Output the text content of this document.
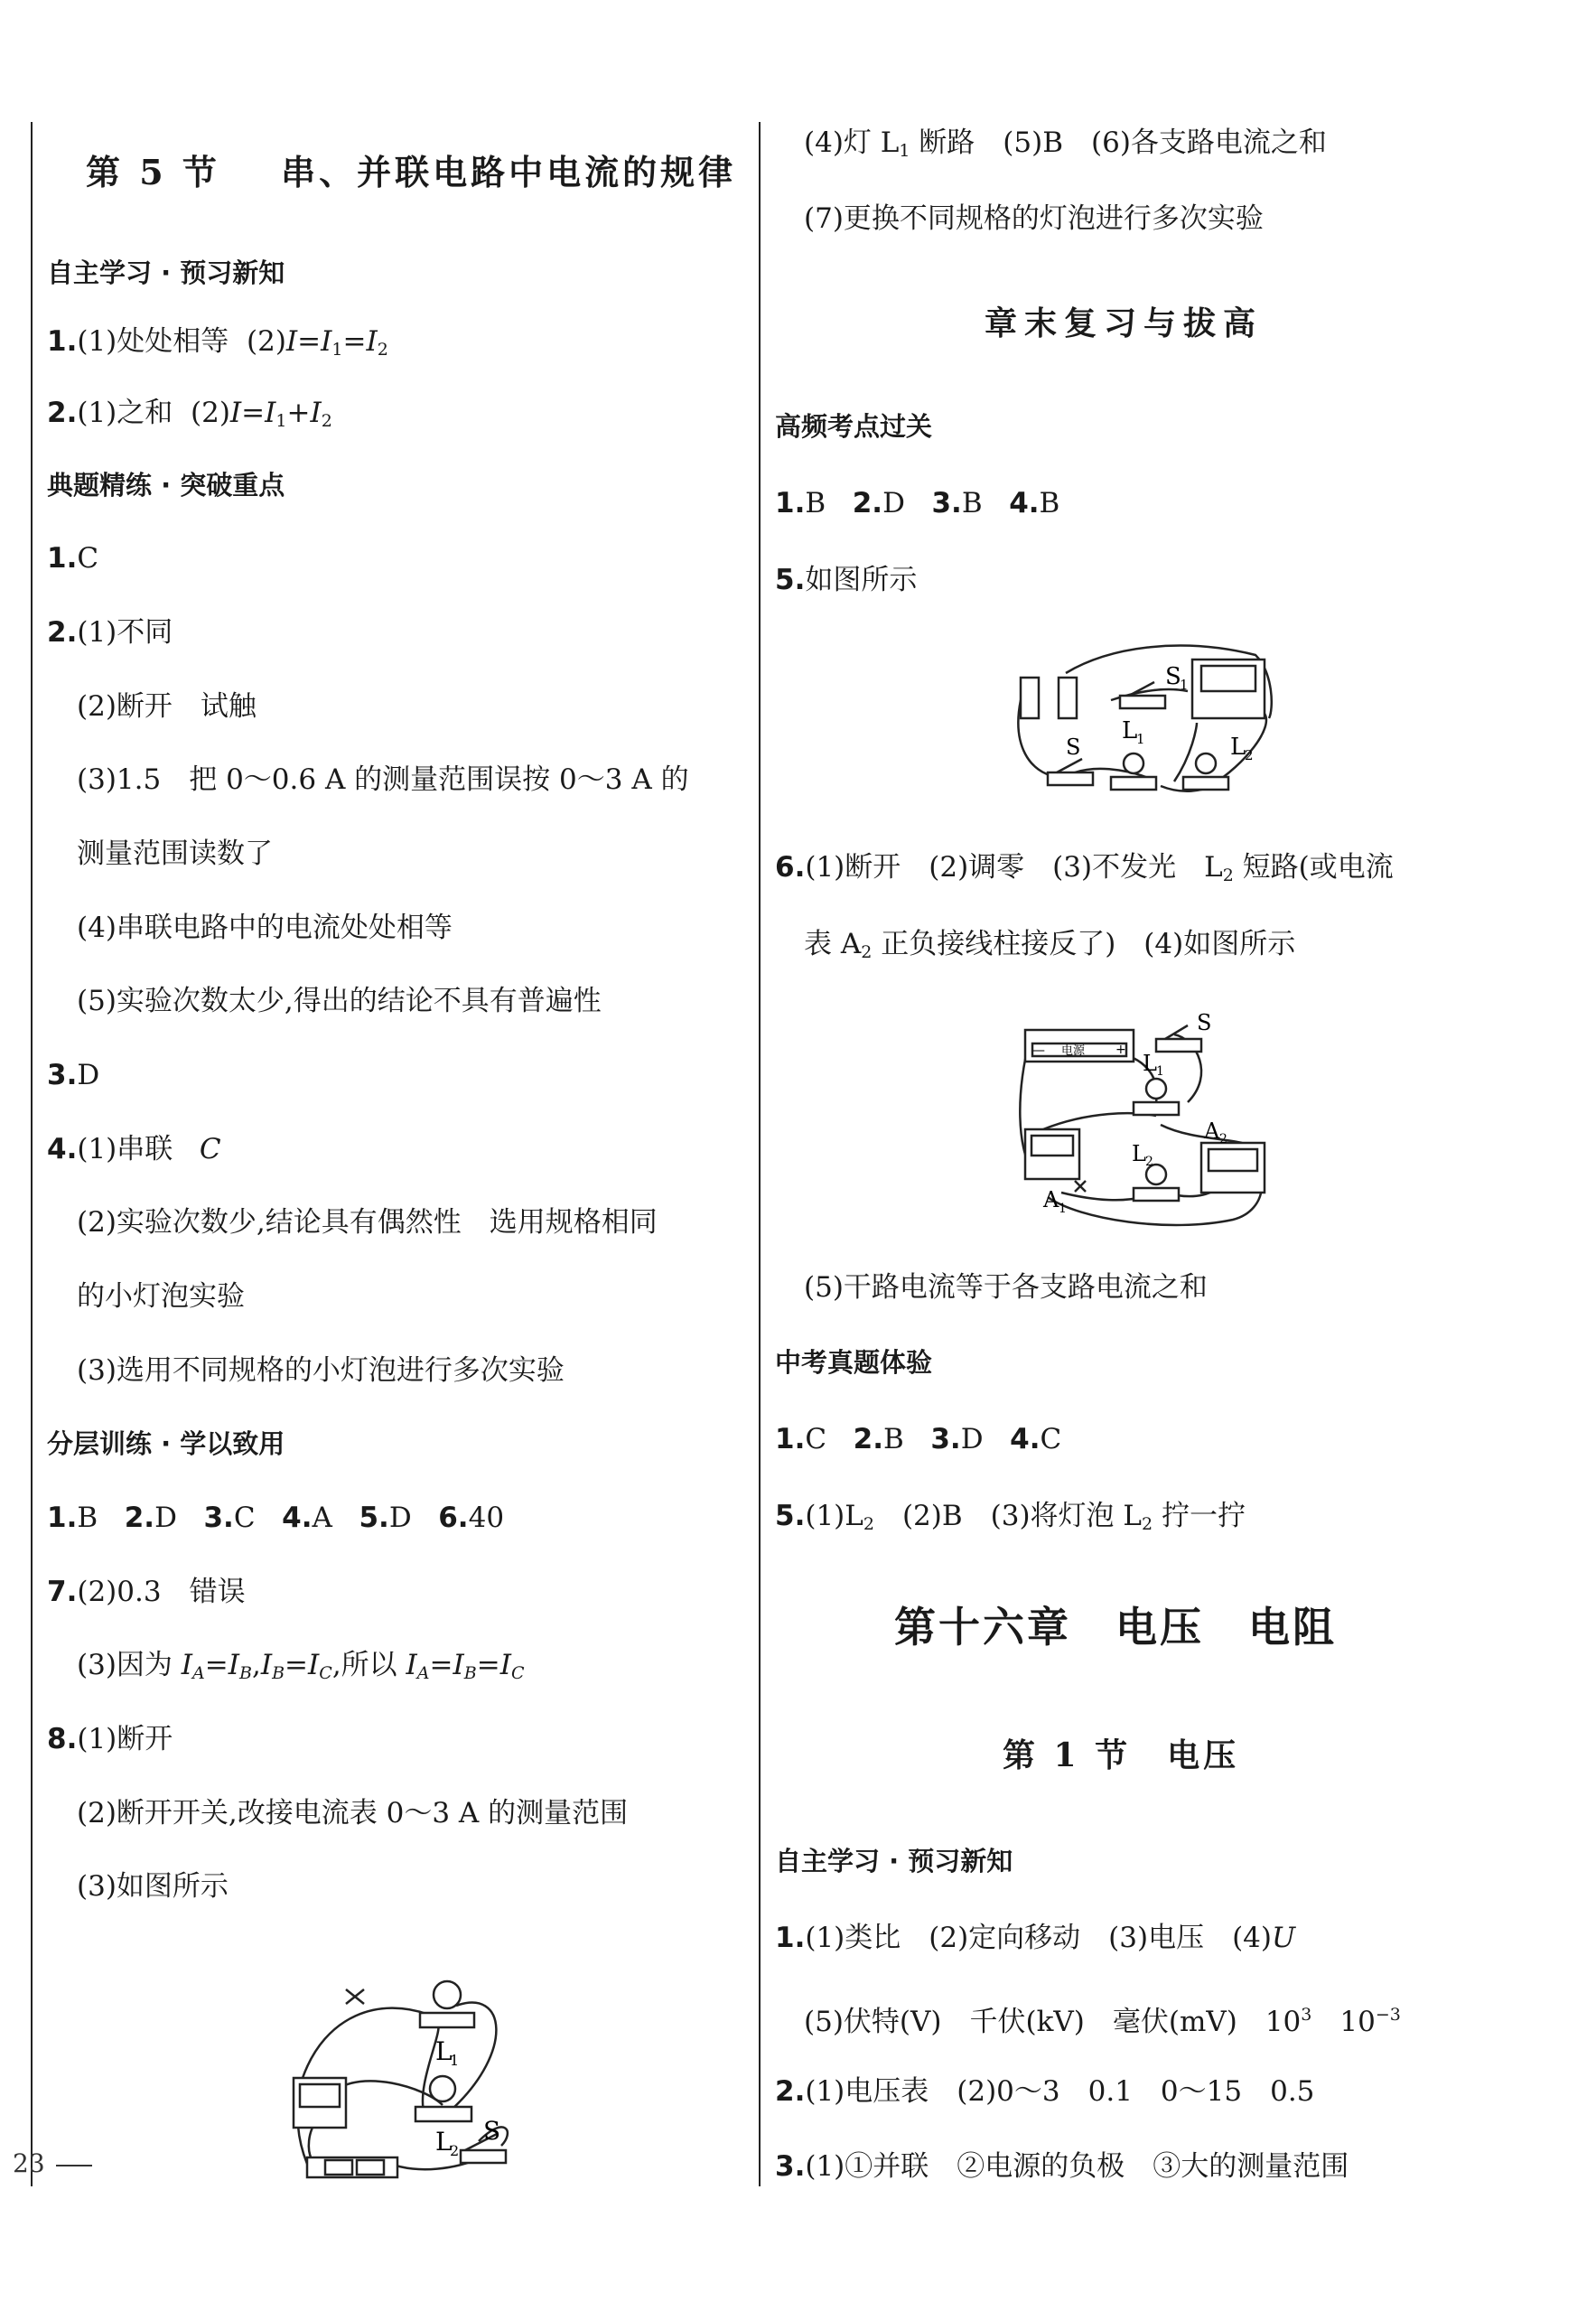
第 5 节 串、并联电路中电流的规律
自主学习 · 预习新知
1.(1)处处相等 $(2)I=I_1=I_2$
2.(1)之和 $(2)I=I_1+I_2$
典题精练 · 突破重点
1.C
2.(1)不同
(2)断开　试触
(3)1.5　把 0～0.6 A 的测量范围误按 0～3 A 的
测量范围读数了
(4)串联电路中的电流处处相等
(5)实验次数太少,得出的结论不具有普遍性
3.D
4.(1)串联 C
(2)实验次数少,结论具有偶然性　选用规格相同
的小灯泡实验
(3)选用不同规格的小灯泡进行多次实验
分层训练 · 学以致用
1.B 2.D 3.C 4.A 5.D 6.40
7.(2)0.3　错误
(3)因为 $I_A=I_B,I_B=I_C$,所以 $I_A=I_B=I_C$
8.(1)断开
(2)断开开关,改接电流表 0～3 A 的测量范围
(3)如图所示
L
1
L
2
S
(4)灯 $L_1$ 断路　(5)B　(6)各支路电流之和
(7)更换不同规格的灯泡进行多次实验
章末复习与拔高
高频考点过关
1.B 2.D 3.B 4.B
5.如图所示
S
1
S
L
1	L
2
6.(1)断开　(2)调零　(3)不发光　$L_2$ 短路(或电流
表 $A_2$ 正负接线柱接反了)　(4)如图所示
电源
—	+
S
L 1
L 2
A 1
A 2
(5)干路电流等于各支路电流之和
中考真题体验
1.C 2.B 3.D 4.C
$5.(1)L_2$　(2)B　(3)将灯泡 $L_2$ 拧一拧
第十六章　电压　电阻
第 1 节　电压
自主学习 · 预习新知
1.(1)类比　(2)定向移动　(3)电压　(4)U
(5)伏特(V)　千伏(kV)　毫伏(mV)　$10^3$　$10^{-3}$
2.(1)电压表　(2)0～3　0.1　0～15　0.5
3.(1)①并联　②电源的负极　③大的测量范围
23
